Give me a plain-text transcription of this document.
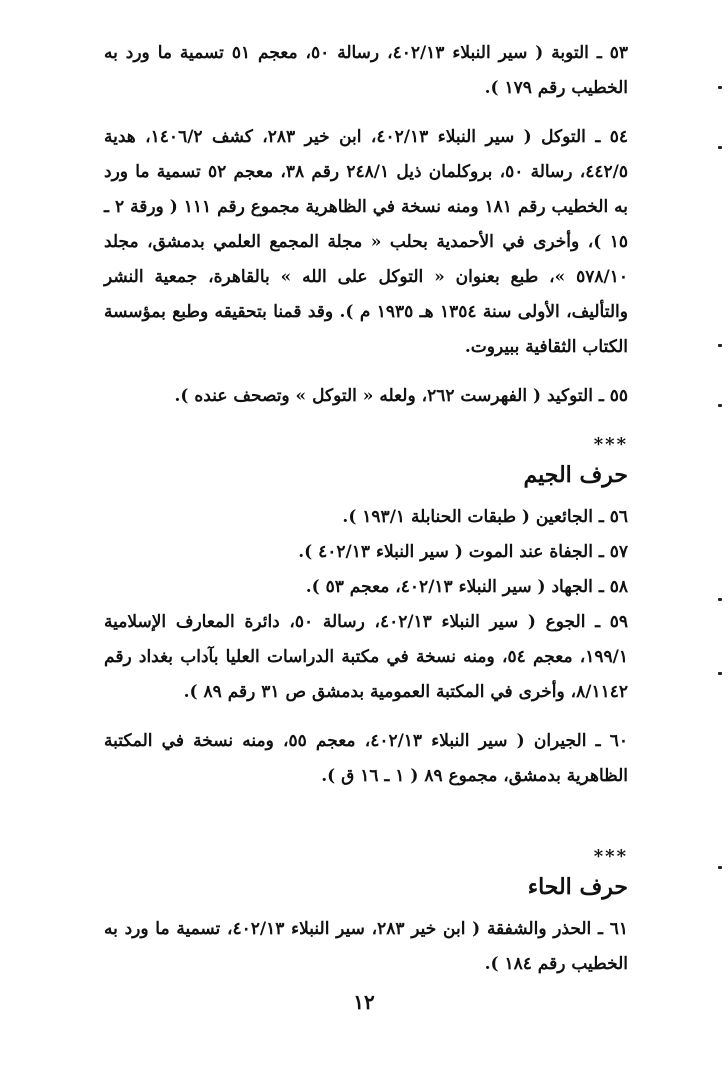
٥٣ ـ التوبة ( سير النبلاء ٤٠٢/١٣، رسالة ٥٠، معجم ٥١ تسمية ما ورد به الخطيب رقم ١٧٩ ).

٥٤ ـ التوكل ( سير النبلاء ٤٠٢/١٣، ابن خير ٢٨٣، كشف ١٤٠٦/٢، هدية ٤٤٢/٥، رسالة ٥٠، بروكلمان ذيل ٢٤٨/١ رقم ٣٨، معجم ٥٢ تسمية ما ورد به الخطيب رقم ١٨١ ومنه نسخة في الظاهرية مجموع رقم ١١١ ( ورقة ٢ ـ ١٥ )، وأخرى في الأحمدية بحلب « مجلة المجمع العلمي بدمشق، مجلد ٥٧٨/١٠ »، طبع بعنوان « التوكل على الله » بالقاهرة، جمعية النشر والتأليف، الأولى سنة ١٣٥٤ هـ ١٩٣٥ م ). وقد قمنا بتحقيقه وطبع بمؤسسة الكتاب الثقافية ببيروت.

٥٥ ـ التوكيد ( الفهرست ٢٦٢، ولعله « التوكل » وتصحف عنده ).

***
حرف الجيم

٥٦ ـ الجائعين ( طبقات الحنابلة ١٩٣/١ ).

٥٧ ـ الجفاة عند الموت ( سير النبلاء ٤٠٢/١٣ ).

٥٨ ـ الجهاد ( سير النبلاء ٤٠٢/١٣، معجم ٥٣ ).

٥٩ ـ الجوع ( سير النبلاء ٤٠٢/١٣، رسالة ٥٠، دائرة المعارف الإسلامية ١٩٩/١، معجم ٥٤، ومنه نسخة في مكتبة الدراسات العليا بآداب بغداد رقم ٨/١١٤٢، وأخرى في المكتبة العمومية بدمشق ص ٣١ رقم ٨٩ ).

٦٠ ـ الجيران ( سير النبلاء ٤٠٢/١٣، معجم ٥٥، ومنه نسخة في المكتبة الظاهرية بدمشق، مجموع ٨٩ ( ١ ـ ١٦ ق ).

***
حرف الحاء

٦١ ـ الحذر والشفقة ( ابن خير ٢٨٣، سير النبلاء ٤٠٢/١٣، تسمية ما ورد به الخطيب رقم ١٨٤ ).

١٢
